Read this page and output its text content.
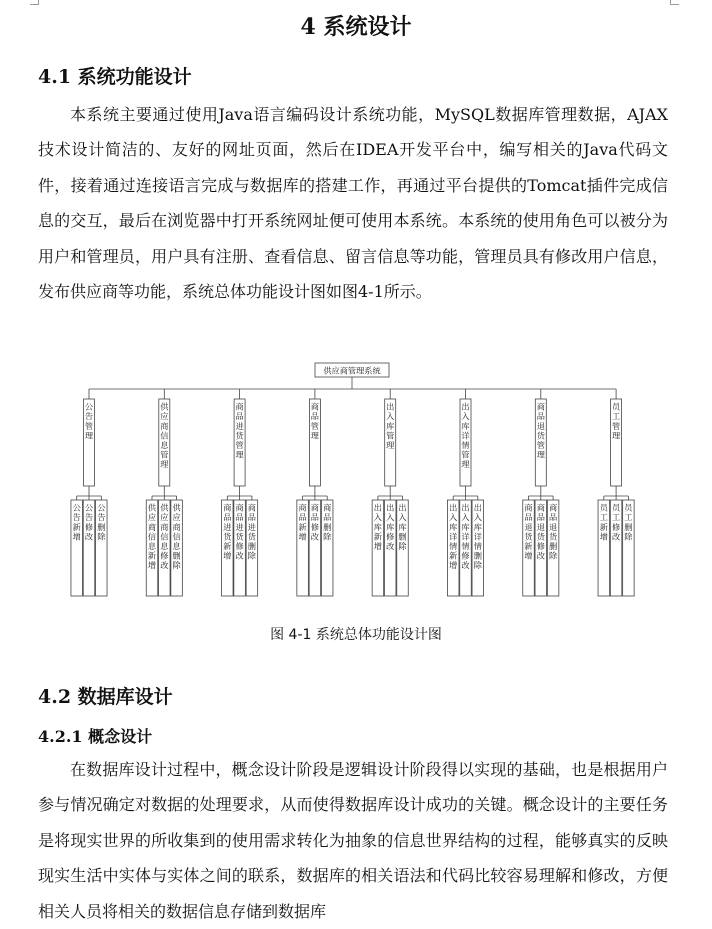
4 系统设计
4.1 系统功能设计

本系统主要通过使用Java语言编码设计系统功能，MySQL数据库管理数据，AJAX技术设计简洁的、友好的网址页面，然后在IDEA开发平台中，编写相关的Java代码文件，接着通过连接语言完成与数据库的搭建工作，再通过平台提供的Tomcat插件完成信息的交互，最后在浏览器中打开系统网址便可使用本系统。本系统的使用角色可以被分为用户和管理员，用户具有注册、查看信息、留言信息等功能，管理员具有修改用户信息，发布供应商等功能，系统总体功能设计图如图4-1所示。

供应商管理系统
公告管理
公告新增
公告修改
公告删除
供应商信息管理
供应商信息新增
供应商信息修改
供应商信息删除
商品进货管理
商品进货新增
商品进货修改
商品进货删除
商品管理
商品新增
商品修改
商品删除
出入库管理
出入库新增
出入库修改
出入库删除
出入库详情管理
出入库详情新增
出入库详情修改
出入库详情删除
商品退货管理
商品退货新增
商品退货修改
商品退货删除
员工管理
员工新增
员工修改
员工删除
图 4-1 系统总体功能设计图
4.2 数据库设计
4.2.1 概念设计

在数据库设计过程中，概念设计阶段是逻辑设计阶段得以实现的基础，也是根据用户参与情况确定对数据的处理要求，从而使得数据库设计成功的关键。概念设计的主要任务是将现实世界的所收集到的使用需求转化为抽象的信息世界结构的过程，能够真实的反映现实生活中实体与实体之间的联系，数据库的相关语法和代码比较容易理解和修改，方便相关人员将相关的数据信息存储到数据库
